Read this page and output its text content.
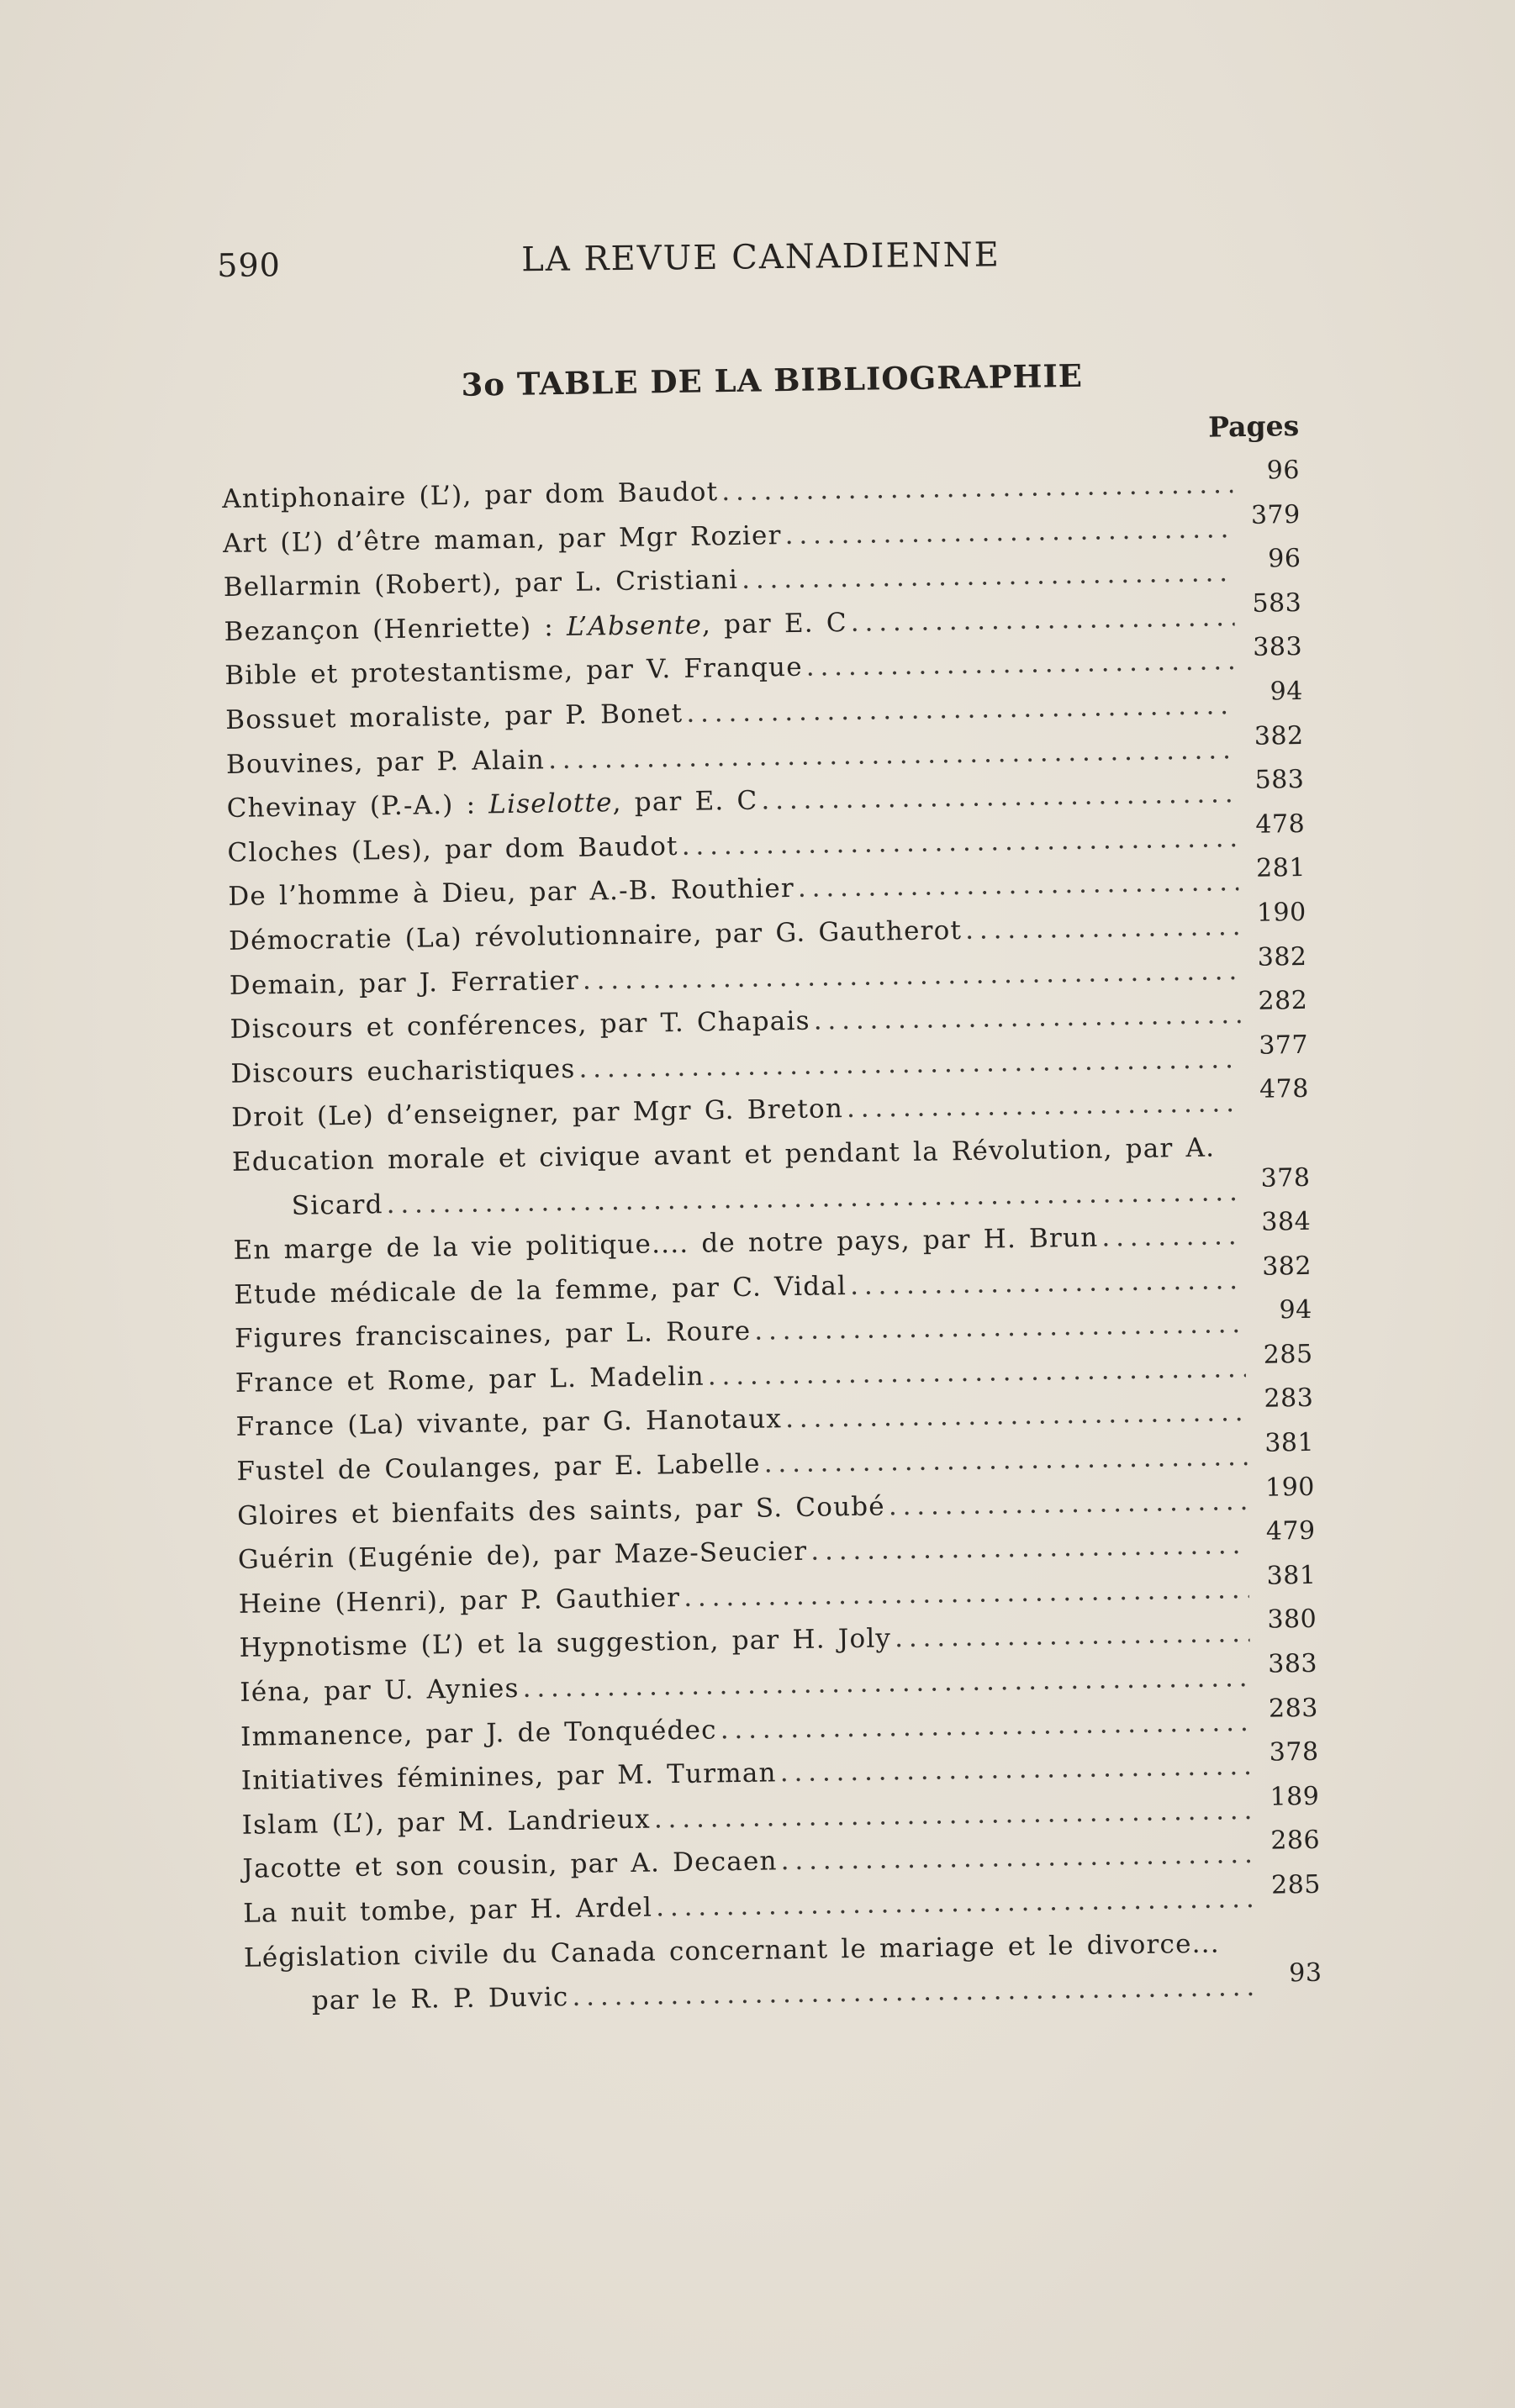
590	LA REVUE CANADIENNE
3o TABLE DE LA BIBLIOGRAPHIE
Pages
Antiphonaire (L’), par dom Baudot
. . .
96
Art (L’) d’être maman, par Mgr Rozier
. . .
379
Bellarmin (Robert), par L. Cristiani
. . .
96
Bezançon (Henriette) : L’Absente, par E. C
. . .
583
Bible et protestantisme, par V. Franque
. . .
383
Bossuet moraliste, par P. Bonet
. . .
94
Bouvines, par P. Alain
. . .
382
Chevinay (P.-A.) : Liselotte, par E. C
. . .
583
Cloches (Les), par dom Baudot
. . .
478
De l’homme à Dieu, par A.-B. Routhier
. . .
281
Démocratie (La) révolutionnaire, par G. Gautherot
. . .
190
Demain, par J. Ferratier
. . .
382
Discours et conférences, par T. Chapais
. . .
282
Discours eucharistiques
. . .
377
Droit (Le) d’enseigner, par Mgr G. Breton
. . .
478
Education morale et civique avant et pendant la Révolution, par A.
Sicard
. . .
378
En marge de la vie politique.... de notre pays, par H. Brun
. . .
384
Etude médicale de la femme, par C. Vidal
. . .
382
Figures franciscaines, par L. Roure
. . .
94
France et Rome, par L. Madelin
. . .
285
France (La) vivante, par G. Hanotaux
. . .
283
Fustel de Coulanges, par E. Labelle
. . .
381
Gloires et bienfaits des saints, par S. Coubé
. . .
190
Guérin (Eugénie de), par Maze-Seucier
. . .
479
Heine (Henri), par P. Gauthier
. . .
381
Hypnotisme (L’) et la suggestion, par H. Joly
. . .
380
Iéna, par U. Aynies
. . .
383
Immanence, par J. de Tonquédec
. . .
283
Initiatives féminines, par M. Turman
. . .
378
Islam (L’), par M. Landrieux
. . .
189
Jacotte et son cousin, par A. Decaen
. . .
286
La nuit tombe, par H. Ardel
. . .
285
Législation civile du Canada concernant le mariage et le divorce...
par le R. P. Duvic
. . .
93
